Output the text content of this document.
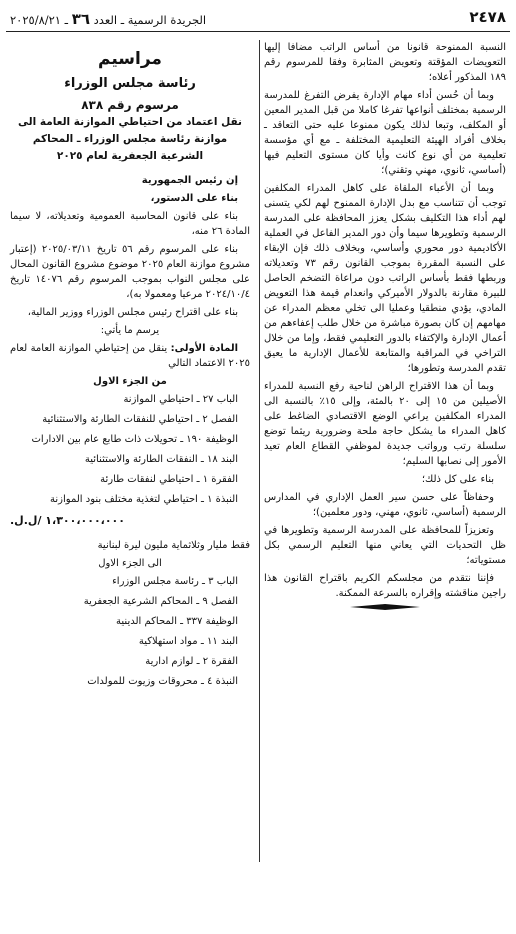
٢٤٧٨
الجريدة الرسمية ـ العدد ٣٦ ـ ٢٠٢٥/٨/٢١

النسبة الممنوحة قانونا من أساس الراتب مضافا إليها التعويضات المؤقتة وتعويض المثابرة وفقا للمرسوم رقم ١٨٩ المذكور أعلاه؛

وبما أن حُسن أداء مهام الإدارة يفرض التفرغ للمدرسة الرسمية بمختلف أنواعها تفرغا كاملا من قبل المدير المعين أو المكلف، وتبعا لذلك يكون ممنوعا عليه حتى التعاقد ـ بخلاف أفراد الهيئة التعليمية المختلفة ـ مع أي مؤسسة تعليمية من أي نوع كانت وأيا كان مستوى التعليم فيها (أساسي، ثانوي، مهني وتقني)؛

وبما أن الأعباء الملقاة على كاهل المدراء المكلفين توجب أن تتناسب مع بدل الإدارة الممنوح لهم لكي يتسنى لهم أداء هذا التكليف بشكل يعزز المحافظة على المدرسة الرسمية وتطويرها سيما وأن دور المدير الفاعل في العملية الأكاديمية دور محوري وأساسي، وبخلاف ذلك فإن الإبقاء على النسبة المقررة بموجب القانون رقم ٧٣ وتعديلاته وربطها فقط بأساس الراتب دون مراعاة التضخم الحاصل للبيرة مقارنة بالدولار الأميركي وانعدام قيمة هذا التعويض المادي، يؤدي منطقيا وعمليا الى تخلي معظم المدراء عن مهامهم إن كان بصورة مباشرة من خلال طلب إعفاءهم من أعمال الإدارة والإكتفاء بالدور التعليمي فقط، وإما من خلال التراخي في المراقبة والمتابعة للأعمال الإدارية ما يعيق تقدم المدرسة وتطورها؛

وبما أن هذا الاقتراح الراهن لناحية رفع النسبة للمدراء الأصيلين من ١٥ إلى ٢٠ بالمئة، وإلى ١٥٪ بالنسبة الى المدراء المكلفين يراعي الوضع الاقتصادي الضاغط على كاهل المدراء ما يشكل حاجة ملحة وضرورية ريثما توضع سلسلة رتب ورواتب جديدة لموظفي القطاع العام تعيد الأمور إلى نصابها السليم؛

بناء على كل ذلك؛

وحفاظاً على حسن سير العمل الإداري في المدارس الرسمية (أساسي، ثانوي، مهني، ودور معلمين)؛

وتعزيزاً للمحافظة على المدرسة الرسمية وتطويرها في ظل التحديات التي يعاني منها التعليم الرسمي بكل مستوياته؛

فإننا نتقدم من مجلسكم الكريم باقتراح القانون هذا راجين مناقشته وإقراره بالسرعة الممكنة.

مراسيم
رئاسة مجلس الوزراء
مرسوم رقم ٨٣٨
نقل اعتماد من احتياطي الموازنة العامة الى موازنة رئاسة مجلس الوزراء ـ المحاكم الشرعية الجعفرية لعام ٢٠٢٥

إن رئيس الجمهورية

بناء على الدستور،

بناء على قانون المحاسبة العمومية وتعديلاته، لا سيما المادة ٢٦ منه،

بناء على المرسوم رقم ٥٦ تاريخ ٢٠٢٥/٠٣/١١ (إعتبار مشروع موازنة العام ٢٠٢٥ موضوع مشروع القانون المحال على مجلس النواب بموجب المرسوم رقم ١٤٠٧٦ تاريخ ٢٠٢٤/١٠/٤ مرعيا ومعمولا به)،

بناء على اقتراح رئيس مجلس الوزراء ووزير المالية،

يرسم ما يأتي:

المادة الأولى: ينقل من إحتياطي الموازنة العامة لعام ٢٠٢٥ الاعتماد التالي

من الجزء الاول

الباب ٢٧ ـ احتياطي الموازنة

الفصل ٢ ـ احتياطي للنفقات الطارئة والاستثنائية

الوظيفة ١٩٠ ـ تحويلات ذات طابع عام بين الادارات

البند ١٨ ـ النفقات الطارئة والاستثنائية

الفقرة ١ ـ احتياطي لنفقات طارئة

النبذة ١ ـ احتياطي لتغذية مختلف بنود الموازنة

١،٣٠٠،٠٠٠،٠٠٠ /ل.ل.

فقط مليار وثلاثماية مليون ليرة لبنانية

الى الجزء الاول

الباب ٣ ـ رئاسة مجلس الوزراء

الفصل ٩ ـ المحاكم الشرعية الجعفرية

الوظيفة ٣٣٧ ـ المحاكم الدينية

البند ١١ ـ مواد استهلاكية

الفقرة ٢ ـ لوازم ادارية

النبذة ٤ ـ محروقات وزيوت للمولدات
